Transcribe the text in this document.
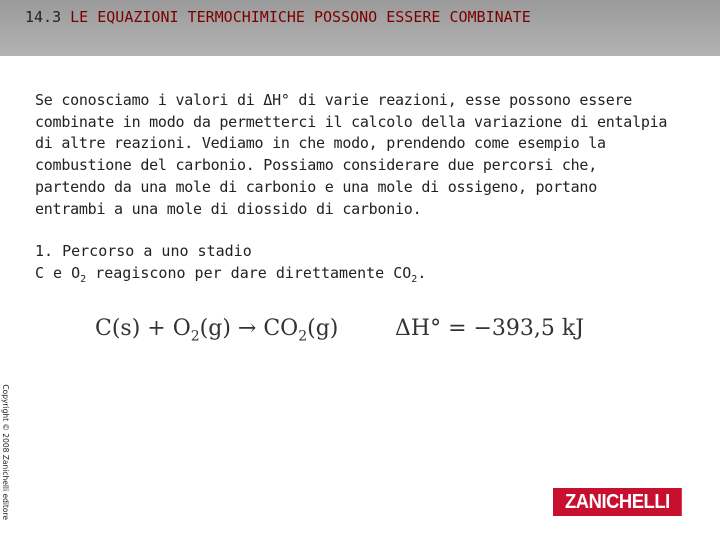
14.3 LE EQUAZIONI TERMOCHIMICHE POSSONO ESSERE COMBINATE
Se conosciamo i valori di ΔH° di varie reazioni, esse possono essere
combinate in modo da permetterci il calcolo della variazione di entalpia
di altre reazioni. Vediamo in che modo, prendendo come esempio la
combustione del carbonio. Possiamo considerare due percorsi che,
partendo da una mole di carbonio e una mole di ossigeno, portano
entrambi a una mole di diossido di carbonio.
1. Percorso a uno stadio
C e $O_2$ reagiscono per dare direttamente $CO_2$.
$C(s) + O_2(g) \to CO_2(g)$	ΔH° = −393,5 kJ
Copyright © 2008 Zanichelli editore	ZANICHELLI
